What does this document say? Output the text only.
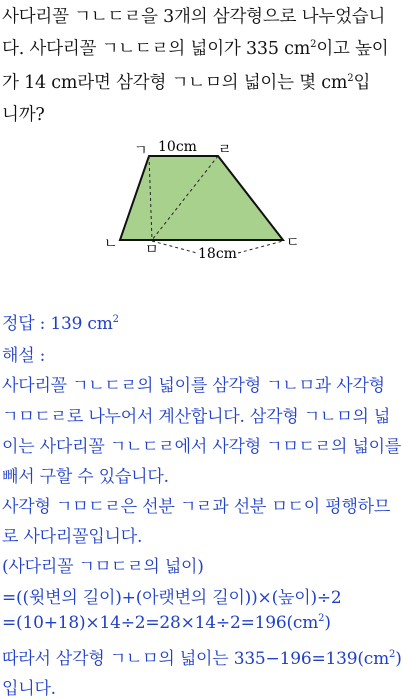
사다리꼴 ㄱㄴㄷㄹ을 3개의 삼각형으로 나누었습니
다. 사다리꼴 ㄱㄴㄷㄹ의 넓이가 335 $cm^2$이고 높이
가 14 cm라면 삼각형 ㄱㄴㅁ의 넓이는 몇 $cm^2$입
니까?
ㄱ	ㄹ
ㄴ	ㄷ
ㅁ
10cm
18cm
정답 : 139 $cm^2$
해설 :
사다리꼴 ㄱㄴㄷㄹ의 넓이를 삼각형 ㄱㄴㅁ과 사각형
ㄱㅁㄷㄹ로 나누어서 계산합니다. 삼각형 ㄱㄴㅁ의 넓
이는 사다리꼴 ㄱㄴㄷㄹ에서 사각형 ㄱㅁㄷㄹ의 넓이를
빼서 구할 수 있습니다.
사각형 ㄱㅁㄷㄹ은 선분 ㄱㄹ과 선분 ㅁㄷ이 평행하므
로 사다리꼴입니다.
(사다리꼴 ㄱㅁㄷㄹ의 넓이)
=((윗변의 길이)+(아랫변의 길이))×(높이)÷2
$=(10+18)\times 14\div 2=28\times 14\div 2=196(cm^2)$
따라서 삼각형 ㄱㄴㅁ의 넓이는 $335-196=139(cm^2)$
입니다.
